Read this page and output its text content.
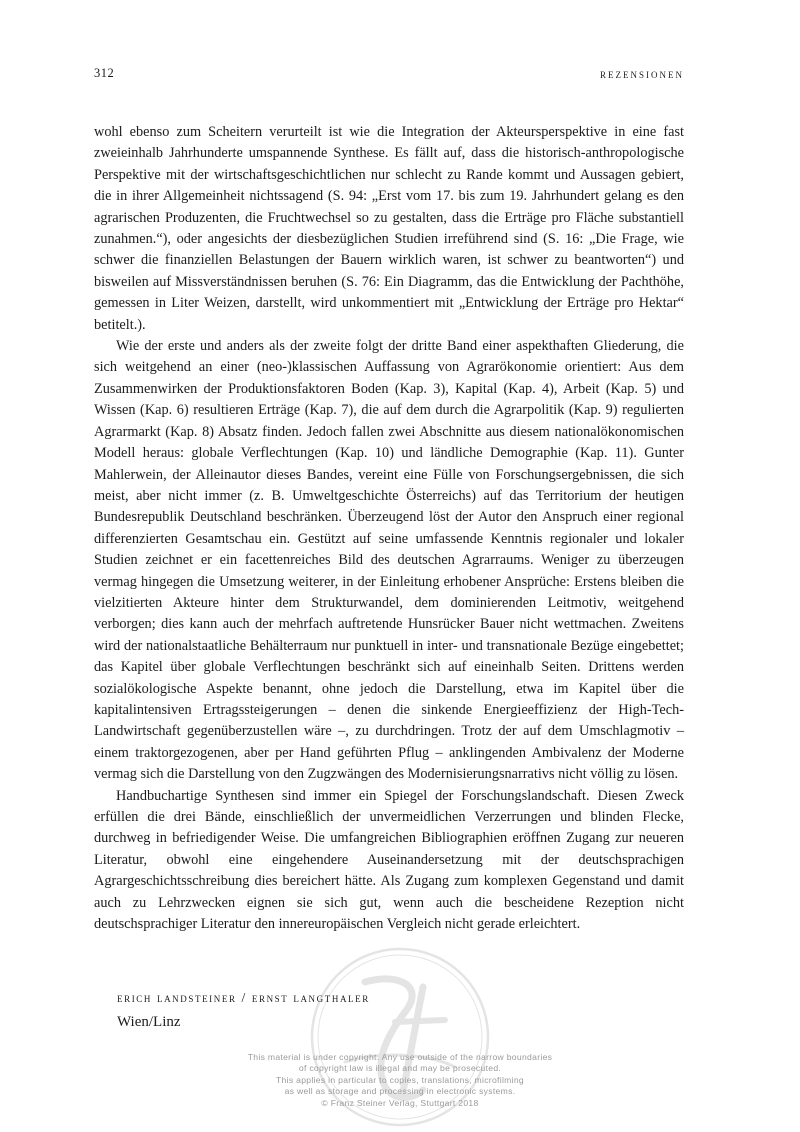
312	rezensionen

wohl ebenso zum Scheitern verurteilt ist wie die Integration der Akteursperspektive in eine fast zweieinhalb Jahrhunderte umspannende Synthese. Es fällt auf, dass die historisch-anthropologische Perspektive mit der wirtschaftsgeschichtlichen nur schlecht zu Rande kommt und Aussagen gebiert, die in ihrer Allgemeinheit nichtssagend (S. 94: „Erst vom 17. bis zum 19. Jahrhundert gelang es den agrarischen Produzenten, die Fruchtwechsel so zu gestalten, dass die Erträge pro Fläche substantiell zunahmen.“), oder angesichts der diesbezüglichen Studien irreführend sind (S. 16: „Die Frage, wie schwer die finanziellen Belastungen der Bauern wirklich waren, ist schwer zu beantworten“) und bisweilen auf Missverständnissen beruhen (S. 76: Ein Diagramm, das die Entwicklung der Pachthöhe, gemessen in Liter Weizen, darstellt, wird unkommentiert mit „Entwicklung der Erträge pro Hektar“ betitelt.).

Wie der erste und anders als der zweite folgt der dritte Band einer aspekthaften Gliederung, die sich weitgehend an einer (neo-)klassischen Auffassung von Agrarökonomie orientiert: Aus dem Zusammenwirken der Produktionsfaktoren Boden (Kap. 3), Kapital (Kap. 4), Arbeit (Kap. 5) und Wissen (Kap. 6) resultieren Erträge (Kap. 7), die auf dem durch die Agrarpolitik (Kap. 9) regulierten Agrarmarkt (Kap. 8) Absatz finden. Jedoch fallen zwei Abschnitte aus diesem nationalökonomischen Modell heraus: globale Verflechtungen (Kap. 10) und ländliche Demographie (Kap. 11). Gunter Mahlerwein, der Alleinautor dieses Bandes, vereint eine Fülle von Forschungsergebnissen, die sich meist, aber nicht immer (z. B. Umweltgeschichte Österreichs) auf das Territorium der heutigen Bundesrepublik Deutschland beschränken. Überzeugend löst der Autor den Anspruch einer regional differenzierten Gesamtschau ein. Gestützt auf seine umfassende Kenntnis regionaler und lokaler Studien zeichnet er ein facettenreiches Bild des deutschen Agrarraums. Weniger zu überzeugen vermag hingegen die Umsetzung weiterer, in der Einleitung erhobener Ansprüche: Erstens bleiben die vielzitierten Akteure hinter dem Strukturwandel, dem dominierenden Leitmotiv, weitgehend verborgen; dies kann auch der mehrfach auftretende Hunsrücker Bauer nicht wettmachen. Zweitens wird der nationalstaatliche Behälterraum nur punktuell in inter- und transnationale Bezüge eingebettet; das Kapitel über globale Verflechtungen beschränkt sich auf eineinhalb Seiten. Drittens werden sozialökologische Aspekte benannt, ohne jedoch die Darstellung, etwa im Kapitel über die kapitalintensiven Ertragssteigerungen – denen die sinkende Energieeffizienz der High-Tech-Landwirtschaft gegenüberzustellen wäre –, zu durchdringen. Trotz der auf dem Umschlagmotiv – einem traktorgezogenen, aber per Hand geführten Pflug – anklingenden Ambivalenz der Moderne vermag sich die Darstellung von den Zugzwängen des Modernisierungsnarrativs nicht völlig zu lösen.

Handbuchartige Synthesen sind immer ein Spiegel der Forschungslandschaft. Diesen Zweck erfüllen die drei Bände, einschließlich der unvermeidlichen Verzerrungen und blinden Flecke, durchweg in befriedigender Weise. Die umfangreichen Bibliographien eröffnen Zugang zur neueren Literatur, obwohl eine eingehendere Auseinandersetzung mit der deutschsprachigen Agrargeschichtsschreibung dies bereichert hätte. Als Zugang zum komplexen Gegenstand und damit auch zu Lehrzwecken eignen sie sich gut, wenn auch die bescheidene Rezeption nicht deutschsprachiger Literatur den innereuropäischen Vergleich nicht gerade erleichtert.

erich landsteiner / ernst langthaler
Wien/Linz
This material is under copyright. Any use outside of the narrow boundaries
of copyright law is illegal and may be prosecuted.
This applies in particular to copies, translations, microfilming
as well as storage and processing in electronic systems.
© Franz Steiner Verlag, Stuttgart 2018
